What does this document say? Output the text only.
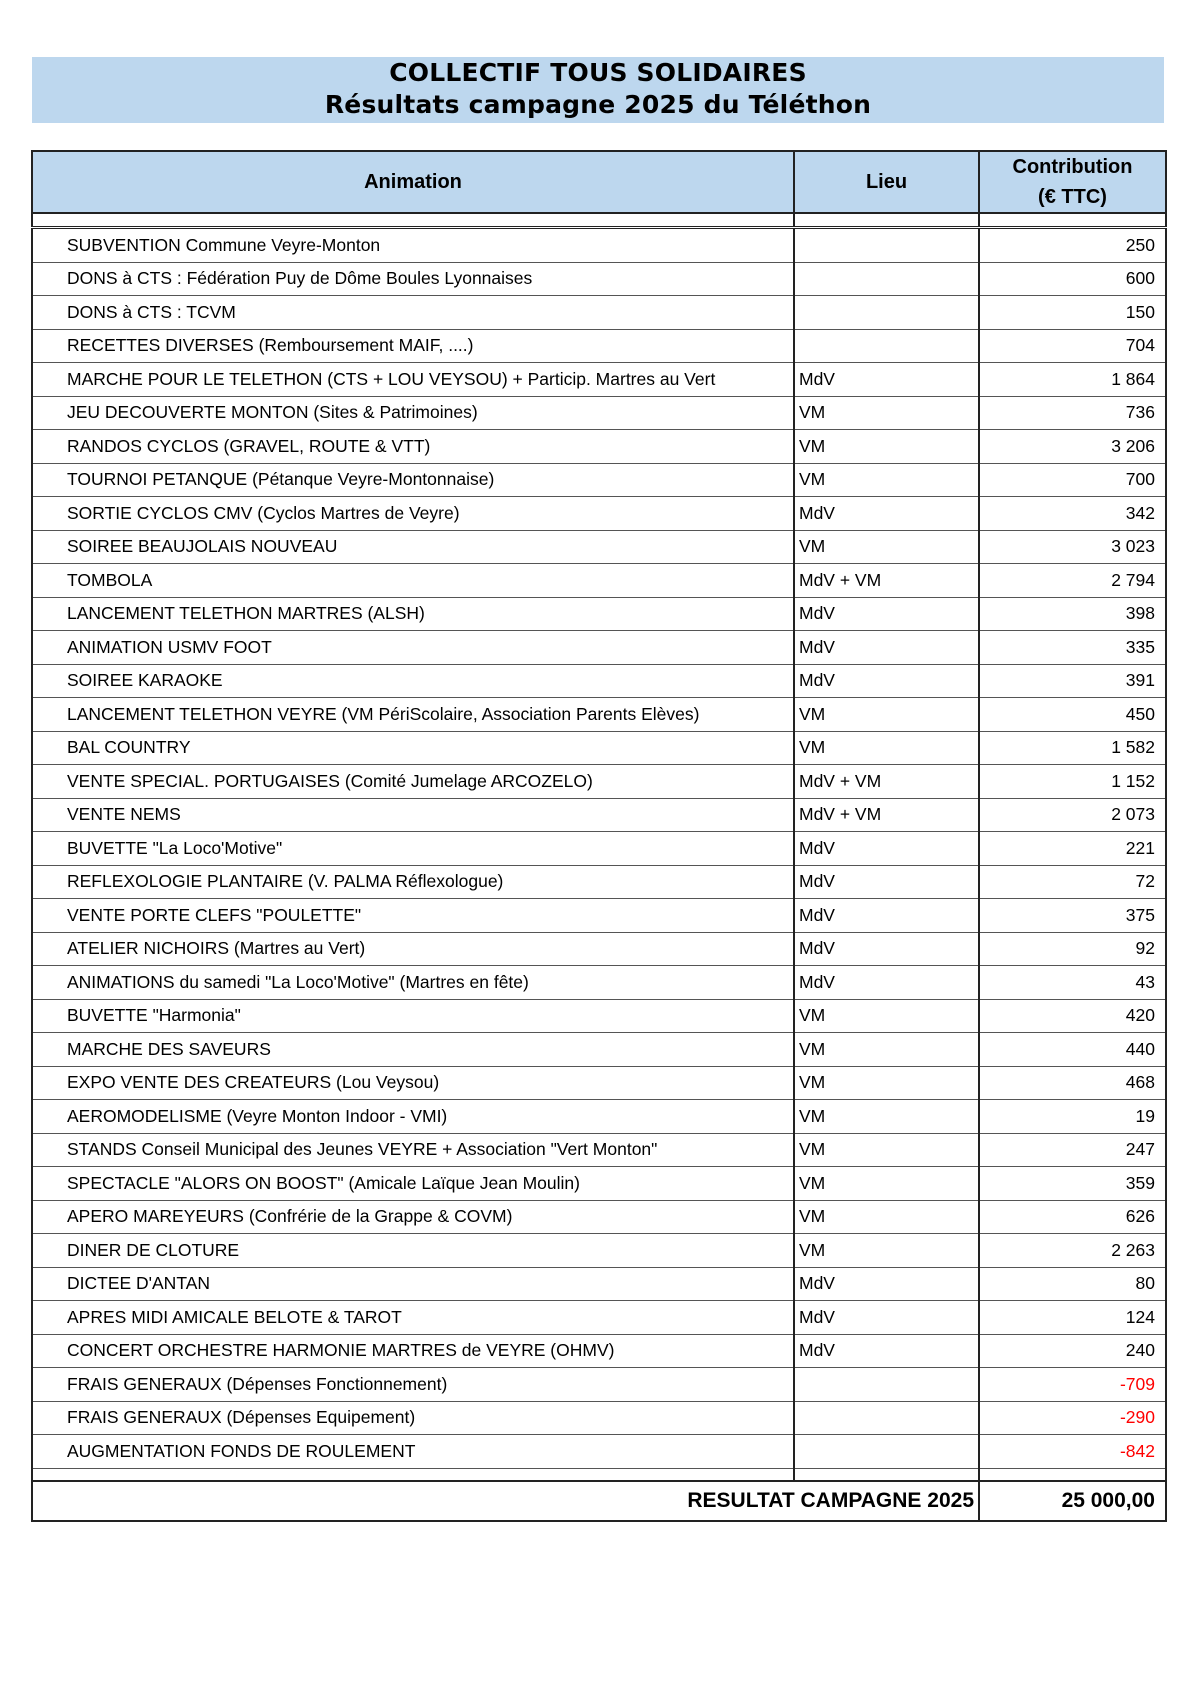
COLLECTIF TOUS SOLIDAIRES
Résultats campagne 2025 du Téléthon
Animation	Lieu	Contribution
(€ TTC)

SUBVENTION Commune Veyre-Monton		250
DONS à CTS : Fédération Puy de Dôme Boules Lyonnaises		600
DONS à CTS : TCVM		150
RECETTES DIVERSES (Remboursement MAIF, ....)		704
MARCHE POUR LE TELETHON (CTS + LOU VEYSOU) + Particip. Martres au Vert	MdV	1 864
JEU DECOUVERTE MONTON (Sites & Patrimoines)	VM	736
RANDOS CYCLOS (GRAVEL, ROUTE & VTT)	VM	3 206
TOURNOI PETANQUE (Pétanque Veyre-Montonnaise)	VM	700
SORTIE CYCLOS CMV (Cyclos Martres de Veyre)	MdV	342
SOIREE BEAUJOLAIS NOUVEAU	VM	3 023
TOMBOLA	MdV + VM	2 794
LANCEMENT TELETHON MARTRES (ALSH)	MdV	398
ANIMATION USMV FOOT	MdV	335
SOIREE KARAOKE	MdV	391
LANCEMENT TELETHON VEYRE (VM PériScolaire, Association Parents Elèves)	VM	450
BAL COUNTRY	VM	1 582
VENTE SPECIAL. PORTUGAISES (Comité Jumelage ARCOZELO)	MdV + VM	1 152
VENTE NEMS	MdV + VM	2 073
BUVETTE "La Loco'Motive"	MdV	221
REFLEXOLOGIE PLANTAIRE (V. PALMA Réflexologue)	MdV	72
VENTE PORTE CLEFS "POULETTE"	MdV	375
ATELIER NICHOIRS (Martres au Vert)	MdV	92
ANIMATIONS du samedi "La Loco'Motive" (Martres en fête)	MdV	43
BUVETTE "Harmonia"	VM	420
MARCHE DES SAVEURS	VM	440
EXPO VENTE DES CREATEURS (Lou Veysou)	VM	468
AEROMODELISME (Veyre Monton Indoor - VMI)	VM	19
STANDS Conseil Municipal des Jeunes VEYRE + Association "Vert Monton"	VM	247
SPECTACLE "ALORS ON BOOST" (Amicale Laïque Jean Moulin)	VM	359
APERO MAREYEURS (Confrérie de la Grappe & COVM)	VM	626
DINER DE CLOTURE	VM	2 263
DICTEE D'ANTAN	MdV	80
APRES MIDI AMICALE BELOTE & TAROT	MdV	124
CONCERT ORCHESTRE HARMONIE MARTRES de VEYRE (OHMV)	MdV	240
FRAIS GENERAUX (Dépenses Fonctionnement)		-709
FRAIS GENERAUX (Dépenses Equipement)		-290
AUGMENTATION FONDS DE ROULEMENT		-842

RESULTAT CAMPAGNE 2025		25 000,00
